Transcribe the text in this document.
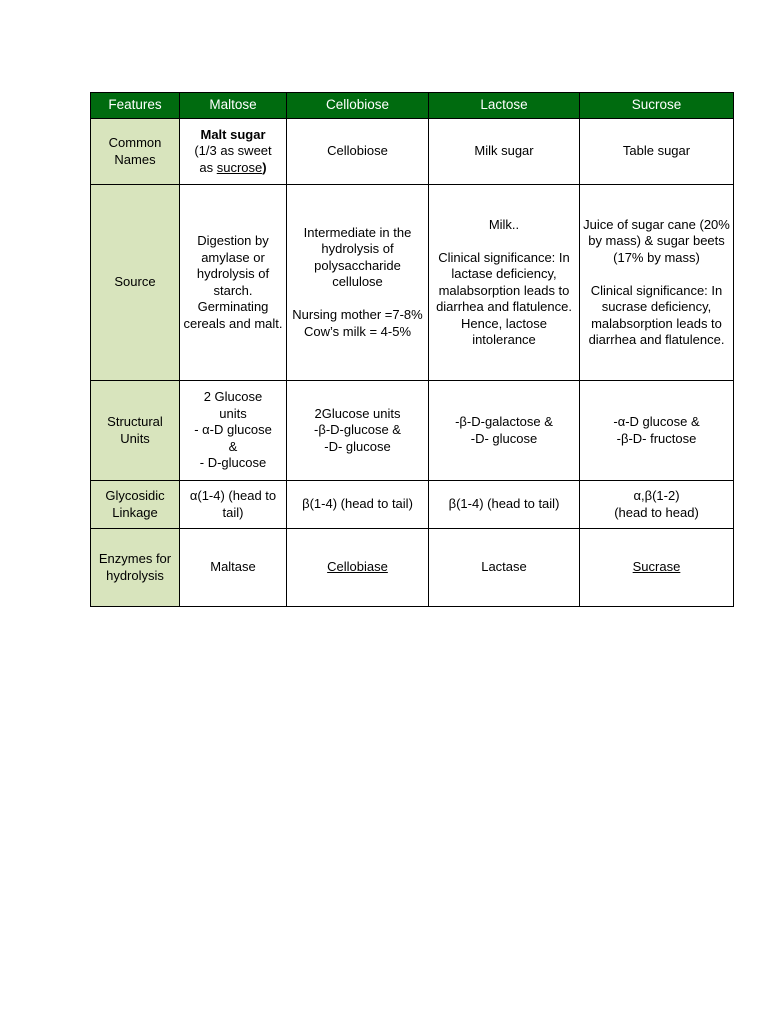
Features	Maltose	Cellobiose	Lactose	Sucrose
Common Names	Malt sugar
(1/3 as sweet
as sucrose)	Cellobiose	Milk sugar	Table sugar
Source	Digestion by amylase or hydrolysis of starch. Germinating cereals and malt.	Intermediate in the hydrolysis of polysaccharide cellulose
Nursing mother =7-8%
Cow’s milk = 4-5%	Milk..
Clinical significance: In lactase deficiency, malabsorption leads to diarrhea and flatulence. Hence, lactose intolerance	Juice of sugar cane (20% by mass) & sugar beets (17% by mass)
Clinical significance: In sucrase deficiency, malabsorption leads to diarrhea and flatulence.

Structural Units	2 Glucose
units
- α-D glucose
&
- D-glucose	2Glucose units
-β-D-glucose &
-D- glucose	-β-D-galactose &
-D- glucose	-α-D glucose &
-β-D- fructose

Glycosidic Linkage	α(1-4) (head to tail)	β(1-4) (head to tail)	β(1-4) (head to tail)	α,β(1-2)
(head to head)

Enzymes for hydrolysis	Maltase	Cellobiase	Lactase	Sucrase
